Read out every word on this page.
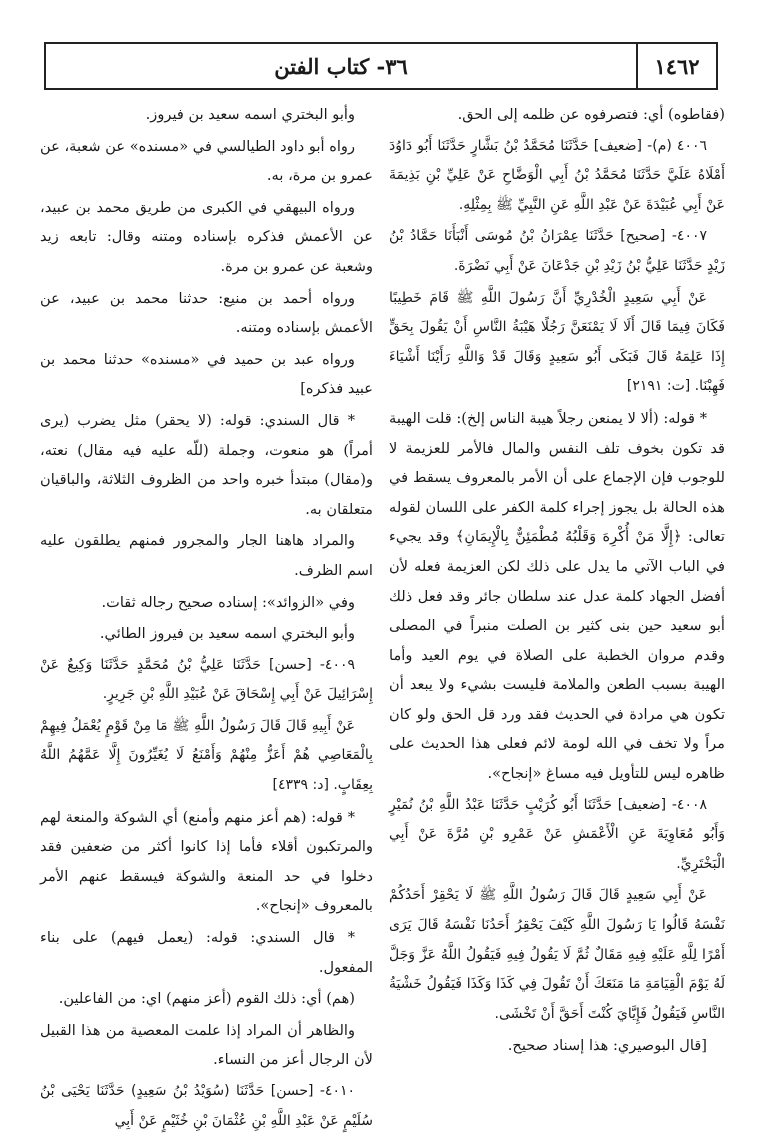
٣٦- كتاب الفتن	١٤٦٢

(فقاطوه) أي: فتصرفوه عن ظلمه إلى الحق.

٤٠٠٦ (م)- [ضعيف] حَدَّثَنَا مُحَمَّدُ بْنُ بَشَّارٍ حَدَّثَنَا أَبُو دَاوُدَ أَمْلَاهُ عَلَيَّ حَدَّثَنَا مُحَمَّدُ بْنُ أَبِي الْوَضَّاحِ عَنْ عَلِيِّ بْنِ بَذِيمَةَ عَنْ أَبِي عُبَيْدَةَ عَنْ عَبْدِ اللَّهِ عَنِ النَّبِيِّ ﷺ بِمِثْلِهِ.

٤٠٠٧- [صحيح] حَدَّثَنَا عِمْرَانُ بْنُ مُوسَى أَنْبَأَنَا حَمَّادُ بْنُ زَيْدٍ حَدَّثَنَا عَلِيُّ بْنُ زَيْدِ بْنِ جَدْعَانَ عَنْ أَبِي نَضْرَةَ.

عَنْ أَبِي سَعِيدٍ الْخُدْرِيِّ أَنَّ رَسُولَ اللَّهِ ﷺ قَامَ خَطِيبًا فَكَانَ فِيمَا قَالَ أَلَا لَا يَمْنَعَنَّ رَجُلًا هَيْبَةُ النَّاسِ أَنْ يَقُولَ بِحَقٍّ إِذَا عَلِمَهُ قَالَ فَبَكَى أَبُو سَعِيدٍ وَقَالَ قَدْ وَاللَّهِ رَأَيْنَا أَشْيَاءَ فَهِبْنَا. [ت: ٢١٩١]

* قوله: (ألا لا يمنعن رجلاً هيبة الناس إلخ): قلت الهيبة قد تكون بخوف تلف النفس والمال فالأمر للعزيمة لا للوجوب فإن الإجماع على أن الأمر بالمعروف يسقط في هذه الحالة بل يجوز إجراء كلمة الكفر على اللسان لقوله تعالى: ﴿إِلَّا مَنْ أُكْرِهَ وَقَلْبُهُ مُطْمَئِنٌّ بِالْإِيمَانِ﴾ وقد يجيء في الباب الآتي ما يدل على ذلك لكن العزيمة فعله لأن أفضل الجهاد كلمة عدل عند سلطان جائر وقد فعل ذلك أبو سعيد حين بنى كثير بن الصلت منبراً في المصلى وقدم مروان الخطبة على الصلاة في يوم العيد وأما الهيبة بسبب الطعن والملامة فليست بشيء ولا يبعد أن تكون هي مرادة في الحديث فقد ورد قل الحق ولو كان مراً ولا تخف في الله لومة لائم فعلى هذا الحديث على ظاهره ليس للتأويل فيه مساغ «إنجاح».

٤٠٠٨- [ضعيف] حَدَّثَنَا أَبُو كُرَيْبٍ حَدَّثَنَا عَبْدُ اللَّهِ بْنُ نُمَيْرٍ وَأَبُو مُعَاوِيَةَ عَنِ الْأَعْمَشِ عَنْ عَمْرِو بْنِ مُرَّةَ عَنْ أَبِي الْبَخْتَرِيِّ.

عَنْ أَبِي سَعِيدٍ قَالَ قَالَ رَسُولُ اللَّهِ ﷺ لَا يَحْقِرْ أَحَدُكُمْ نَفْسَهُ قَالُوا يَا رَسُولَ اللَّهِ كَيْفَ يَحْقِرُ أَحَدُنَا نَفْسَهُ قَالَ يَرَى أَمْرًا لِلَّهِ عَلَيْهِ فِيهِ مَقَالٌ ثُمَّ لَا يَقُولُ فِيهِ فَيَقُولُ اللَّهُ عَزَّ وَجَلَّ لَهُ يَوْمَ الْقِيَامَةِ مَا مَنَعَكَ أَنْ تَقُولَ فِي كَذَا وَكَذَا فَيَقُولُ خَشْيَةُ النَّاسِ فَيَقُولُ فَإِيَّايَ كُنْتَ أَحَقَّ أَنْ تَخْشَى.

[قال البوصيري: هذا إسناد صحيح.

وأبو البختري اسمه سعيد بن فيروز.

رواه أبو داود الطيالسي في «مسنده» عن شعبة، عن عمرو بن مرة، به.

ورواه البيهقي في الكبرى من طريق محمد بن عبيد، عن الأعمش فذكره بإسناده ومتنه وقال: تابعه زيد وشعبة عن عمرو بن مرة.

ورواه أحمد بن منيع: حدثنا محمد بن عبيد، عن الأعمش بإسناده ومتنه.

ورواه عبد بن حميد في «مسنده» حدثنا محمد بن عبيد فذكره]

* قال السندي: قوله: (لا يحقر) مثل يضرب (يرى أمراً) هو منعوت، وجملة (للّه عليه فيه مقال) نعته، و(مقال) مبتدأ خبره واحد من الظروف الثلاثة، والباقيان متعلقان به.

والمراد هاهنا الجار والمجرور فمنهم يطلقون عليه اسم الظرف.

وفي «الزوائد»: إسناده صحيح رجاله ثقات.

وأبو البختري اسمه سعيد بن فيروز الطائي.

٤٠٠٩- [حسن] حَدَّثَنَا عَلِيُّ بْنُ مُحَمَّدٍ حَدَّثَنَا وَكِيعٌ عَنْ إِسْرَائِيلَ عَنْ أَبِي إِسْحَاقَ عَنْ عُبَيْدِ اللَّهِ بْنِ جَرِيرٍ.

عَنْ أَبِيهِ قَالَ قَالَ رَسُولُ اللَّهِ ﷺ مَا مِنْ قَوْمٍ يُعْمَلُ فِيهِمْ بِالْمَعَاصِي هُمْ أَعَزُّ مِنْهُمْ وَأَمْنَعُ لَا يُغَيِّرُونَ إِلَّا عَمَّهُمُ اللَّهُ بِعِقَابٍ. [د: ٤٣٣٩]

* قوله: (هم أعز منهم وأمنع) أي الشوكة والمنعة لهم والمرتكبون أقلاء فأما إذا كانوا أكثر من ضعفين فقد دخلوا في حد المنعة والشوكة فيسقط عنهم الأمر بالمعروف «إنجاح».

* قال السندي: قوله: (يعمل فيهم) على بناء المفعول.

(هم) أي: ذلك القوم (أعز منهم) اي: من الفاعلين.

والظاهر أن المراد إذا علمت المعصية من هذا القبيل لأن الرجال أعز من النساء.

٤٠١٠- [حسن] حَدَّثَنَا (سُوَيْدُ بْنُ سَعِيدٍ) حَدَّثَنَا يَحْيَى بْنُ سُلَيْمٍ عَنْ عَبْدِ اللَّهِ بْنِ عُثْمَانَ بْنِ خُثَيْمٍ عَنْ أَبِي
